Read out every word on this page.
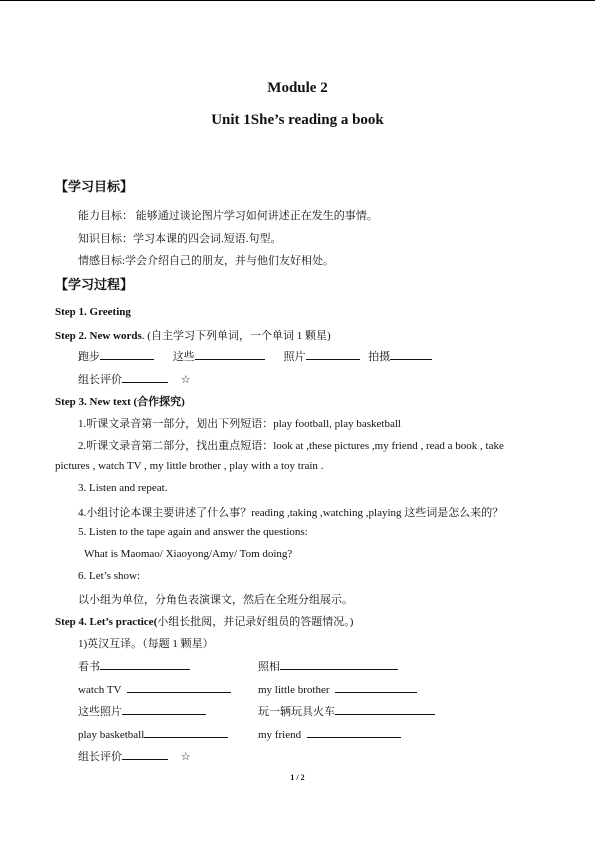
Module 2
Unit 1She’s reading a book
【学习目标】
能力目标： 能够通过谈论图片学习如何讲述正在发生的事情。
知识目标：学习本课的四会词.短语.句型。
情感目标:学会介绍自己的朋友，并与他们友好相处。
【学习过程】
Step 1. Greeting
Step 2. New words. (自主学习下列单词，一个单词 1 颗星)
跑步	这些	照片	拍摄
组长评价	☆
Step 3. New text (合作探究)
1.听课文录音第一部分，划出下列短语：play football, play basketball
2.听课文录音第二部分，找出重点短语：look at ,these pictures ,my friend , read a book , take
pictures , watch TV , my little brother , play with a toy train .
3. Listen and repeat.
4.小组讨论本课主要讲述了什么事？reading ,taking ,watching ,playing 这些词是怎么来的？
5. Listen to the tape again and answer the questions:
What is Maomao/ Xiaoyong/Amy/ Tom doing?
6. Let’s show:
以小组为单位，分角色表演课文，然后在全班分组展示。
Step 4. Let’s practice(小组长批阅，并记录好组员的答题情况。)
1)英汉互译。（每题 1 颗星）
看书	照相
watch TV	my little brother
这些照片	玩一辆玩具火车
play basketball	my friend
组长评价	☆
1 / 2
